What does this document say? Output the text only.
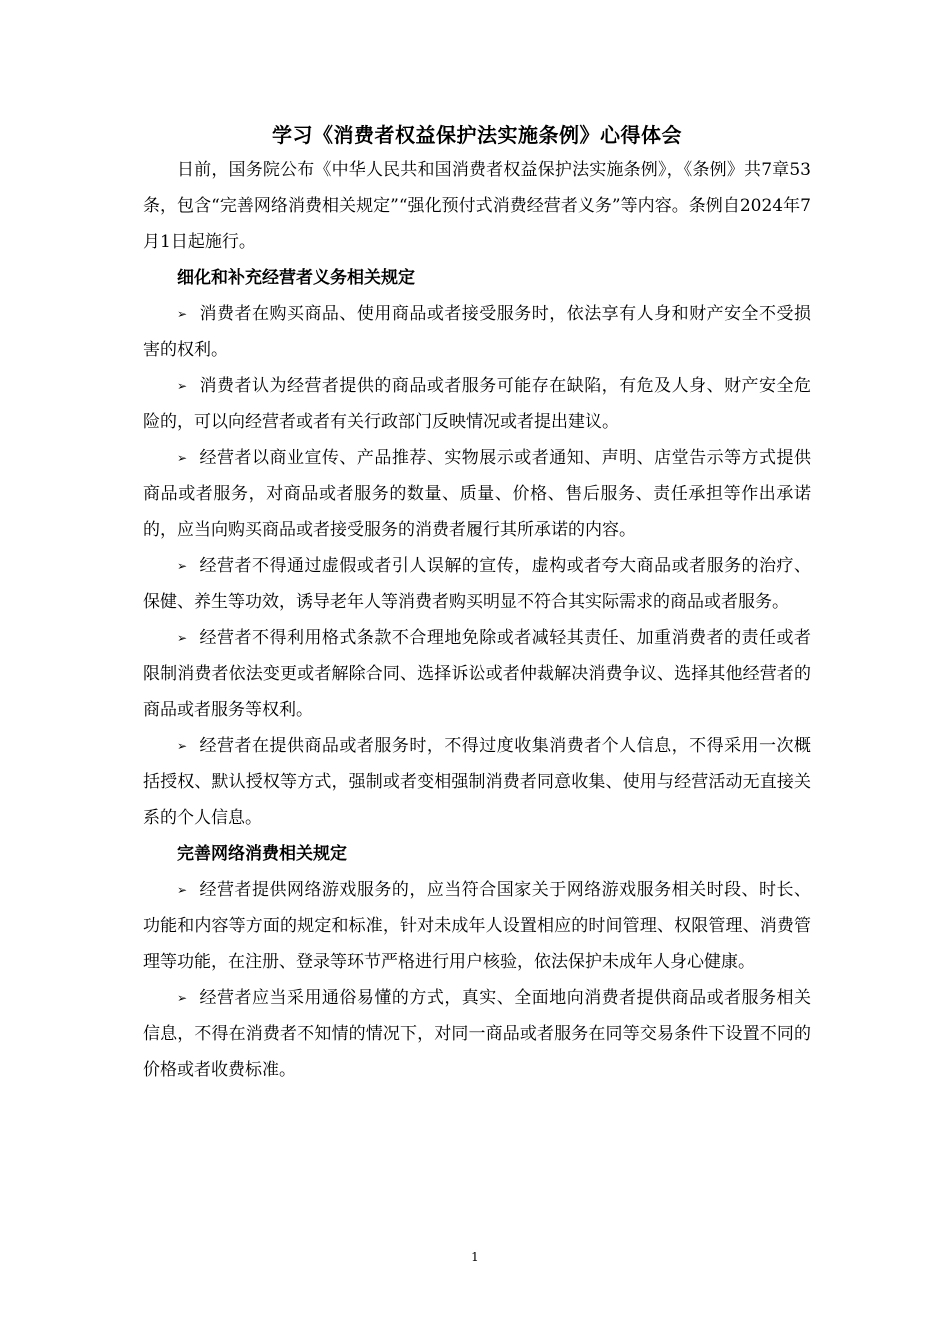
学习《消费者权益保护法实施条例》心得体会

日前，国务院公布《中华人民共和国消费者权益保护法实施条例》，《条例》共7章53条，包含“完善网络消费相关规定”“强化预付式消费经营者义务”等内容。条例自2024年7月1日起施行。

细化和补充经营者义务相关规定

➢ 消费者在购买商品、使用商品或者接受服务时，依法享有人身和财产安全不受损害的权利。

➢ 消费者认为经营者提供的商品或者服务可能存在缺陷，有危及人身、财产安全危险的，可以向经营者或者有关行政部门反映情况或者提出建议。

➢ 经营者以商业宣传、产品推荐、实物展示或者通知、声明、店堂告示等方式提供商品或者服务，对商品或者服务的数量、质量、价格、售后服务、责任承担等作出承诺的，应当向购买商品或者接受服务的消费者履行其所承诺的内容。

➢ 经营者不得通过虚假或者引人误解的宣传，虚构或者夸大商品或者服务的治疗、保健、养生等功效，诱导老年人等消费者购买明显不符合其实际需求的商品或者服务。

➢ 经营者不得利用格式条款不合理地免除或者减轻其责任、加重消费者的责任或者限制消费者依法变更或者解除合同、选择诉讼或者仲裁解决消费争议、选择其他经营者的商品或者服务等权利。

➢ 经营者在提供商品或者服务时，不得过度收集消费者个人信息，不得采用一次概括授权、默认授权等方式，强制或者变相强制消费者同意收集、使用与经营活动无直接关系的个人信息。

完善网络消费相关规定

➢ 经营者提供网络游戏服务的，应当符合国家关于网络游戏服务相关时段、时长、功能和内容等方面的规定和标准，针对未成年人设置相应的时间管理、权限管理、消费管理等功能，在注册、登录等环节严格进行用户核验，依法保护未成年人身心健康。

➢ 经营者应当采用通俗易懂的方式，真实、全面地向消费者提供商品或者服务相关信息，不得在消费者不知情的情况下，对同一商品或者服务在同等交易条件下设置不同的价格或者收费标准。

1
